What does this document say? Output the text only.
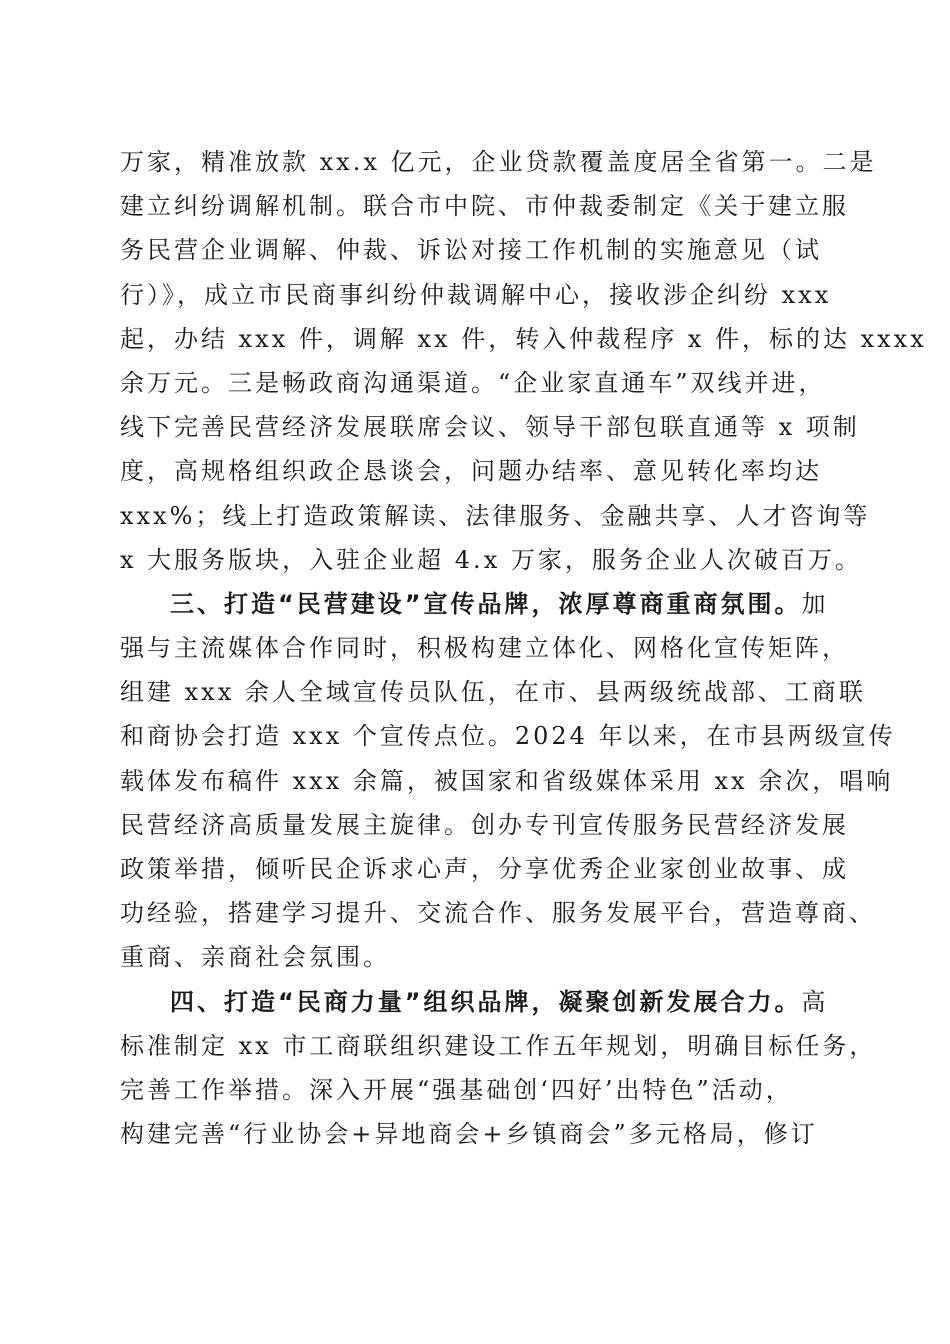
万家，精准放款 xx.x 亿元，企业贷款覆盖度居全省第一。二是
建立纠纷调解机制。联合市中院、市仲裁委制定《关于建立服
务民营企业调解、仲裁、诉讼对接工作机制的实施意见（试
行）》，成立市民商事纠纷仲裁调解中心，接收涉企纠纷 xxx
起，办结 xxx 件，调解 xx 件，转入仲裁程序 x 件，标的达 xxxx
余万元。三是畅政商沟通渠道。“企业家直通车”双线并进，
线下完善民营经济发展联席会议、领导干部包联直通等 x 项制
度，高规格组织政企恳谈会，问题办结率、意见转化率均达
xxx%；线上打造政策解读、法律服务、金融共享、人才咨询等
x 大服务版块，入驻企业超 4.x 万家，服务企业人次破百万。
三、打造“民营建设”宣传品牌，浓厚尊商重商氛围。加
强与主流媒体合作同时，积极构建立体化、网格化宣传矩阵，
组建 xxx 余人全域宣传员队伍，在市、县两级统战部、工商联
和商协会打造 xxx 个宣传点位。2024 年以来，在市县两级宣传
载体发布稿件 xxx 余篇，被国家和省级媒体采用 xx 余次，唱响
民营经济高质量发展主旋律。创办专刊宣传服务民营经济发展
政策举措，倾听民企诉求心声，分享优秀企业家创业故事、成
功经验，搭建学习提升、交流合作、服务发展平台，营造尊商、
重商、亲商社会氛围。
四、打造“民商力量”组织品牌，凝聚创新发展合力。高
标准制定 xx 市工商联组织建设工作五年规划，明确目标任务，
完善工作举措。深入开展“强基础创‘四好’出特色”活动，
构建完善“行业协会+异地商会+乡镇商会”多元格局，修订
